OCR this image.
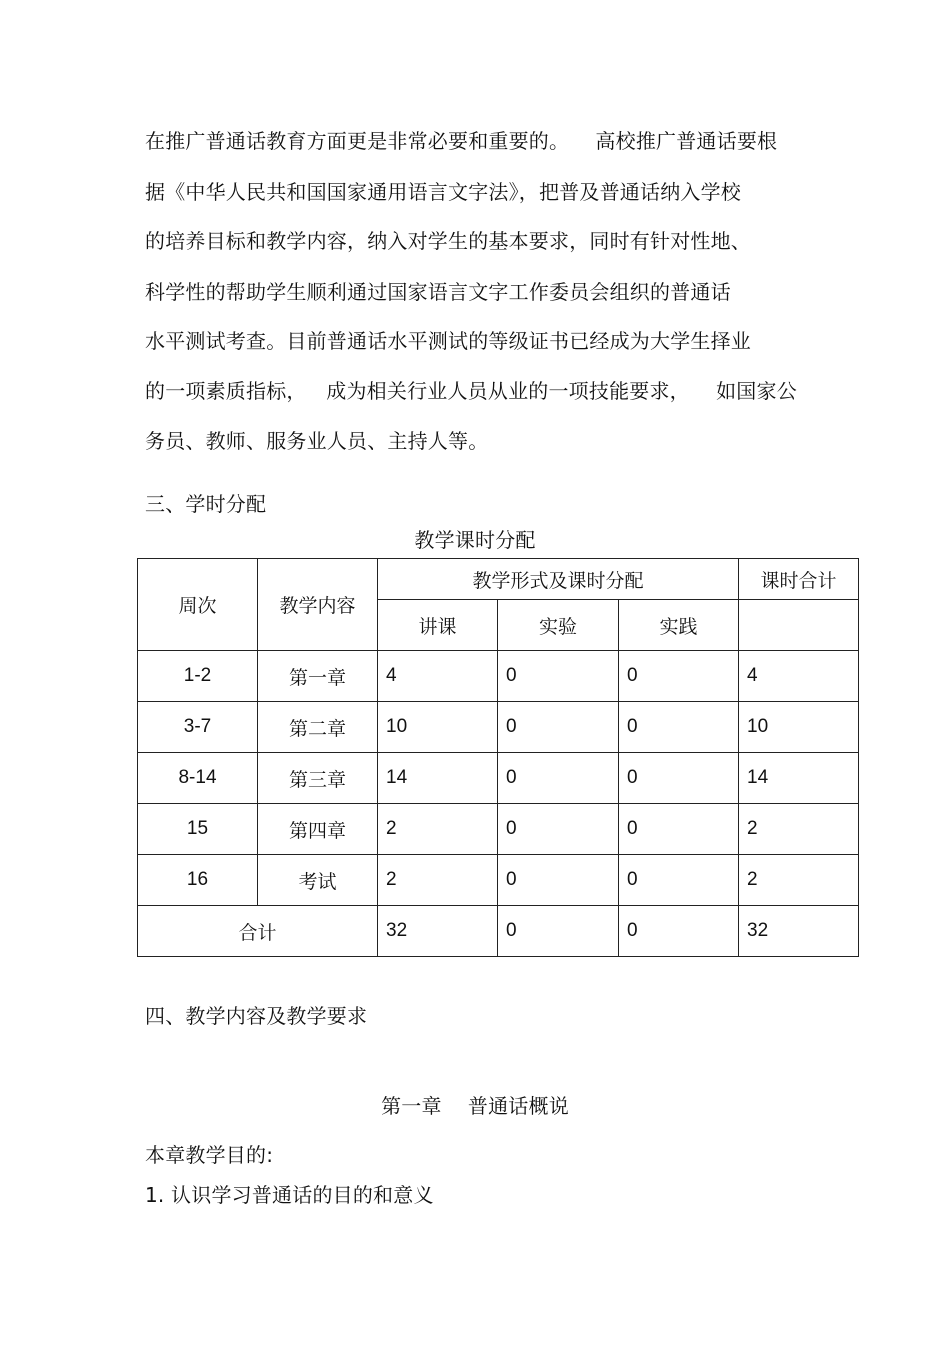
在推广普通话教育方面更是非常必要和重要的。    高校推广普通话要根
据《中华人民共和国国家通用语言文字法》，把普及普通话纳入学校
的培养目标和教学内容，纳入对学生的基本要求，同时有针对性地、
科学性的帮助学生顺利通过国家语言文字工作委员会组织的普通话
水平测试考查。目前普通话水平测试的等级证书已经成为大学生择业
的一项素质指标，   成为相关行业人员从业的一项技能要求，    如国家公
务员、教师、服务业人员、主持人等。
三、学时分配
教学课时分配
周次	教学内容	教学形式及课时分配			课时合计
		讲课	实验	实践	
1-2	第一章	4	0	0	4
3-7	第二章	10	0	0	10
8-14	第三章	14	0	0	14
15	第四章	2	0	0	2
16	考试	2	0	0	2
合计		32	0	0	32
四、教学内容及教学要求
第一章    普通话概说
本章教学目的:
1. 认识学习普通话的目的和意义
